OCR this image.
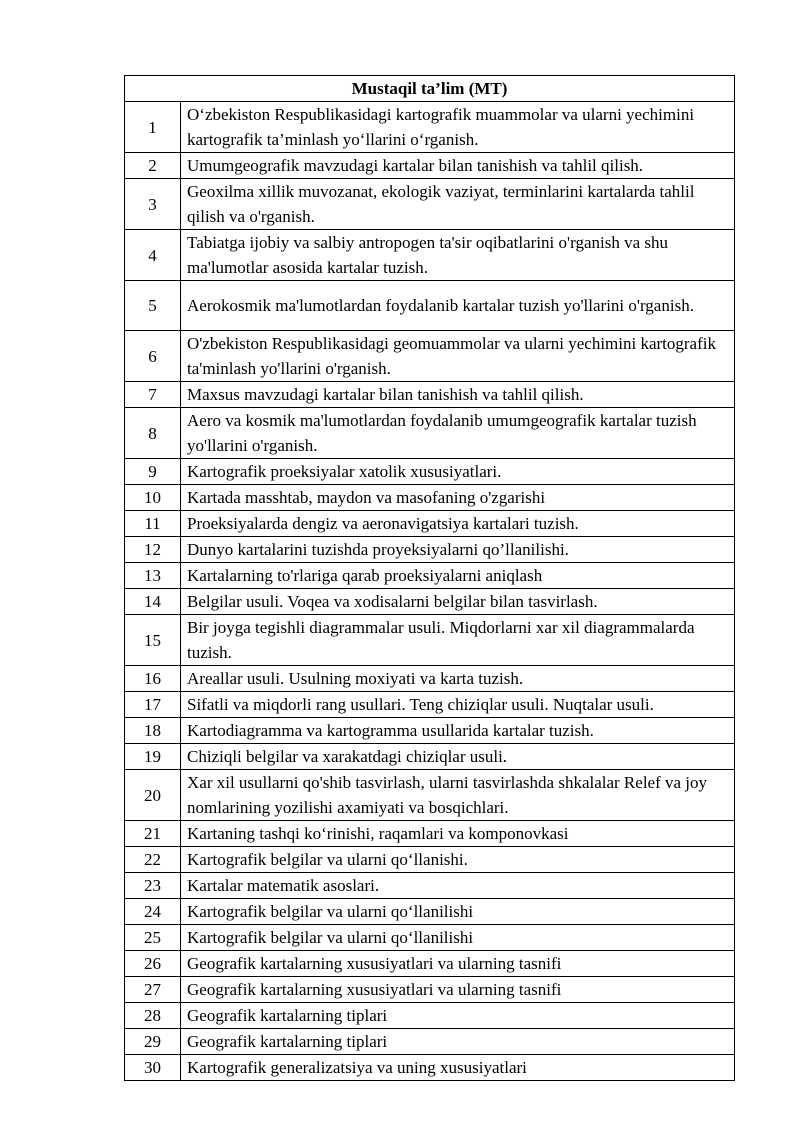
Mustaqil ta’lim (MT)	
1	O‘zbekiston Respublikasidagi kartografik muammolar va ularni yechimini kartografik ta’minlash yo‘llarini o‘rganish.
2	Umumgeografik mavzudagi kartalar bilan tanishish va tahlil qilish.
3	Geoxilma xillik muvozanat, ekologik vaziyat, terminlarini kartalarda tahlil qilish va o'rganish.
4	Tabiatga ijobiy va salbiy antropogen ta'sir oqibatlarini o'rganish va shu ma'lumotlar asosida kartalar tuzish.
5	Aerokosmik ma'lumotlardan foydalanib kartalar tuzish yo'llarini o'rganish.
6	O'zbekiston Respublikasidagi geomuammolar va ularni yechimini kartografik ta'minlash yo'llarini o'rganish.
7	Maxsus mavzudagi kartalar bilan tanishish va tahlil qilish.
8	Aero va kosmik ma'lumotlardan foydalanib umumgeografik kartalar tuzish yo'llarini o'rganish.
9	Kartografik proeksiyalar xatolik xususiyatlari.
10	Kartada masshtab, maydon va masofaning o'zgarishi
11	Proeksiyalarda dengiz va aeronavigatsiya kartalari tuzish.
12	Dunyo kartalarini tuzishda proyeksiyalarni qo’llanilishi.
13	Kartalarning to'rlariga qarab proeksiyalarni aniqlash
14	Belgilar usuli. Voqea va xodisalarni belgilar bilan tasvirlash.
15	Bir joyga tegishli diagrammalar usuli. Miqdorlarni xar xil diagrammalarda tuzish.
16	Areallar usuli. Usulning moxiyati va karta tuzish.
17	Sifatli va miqdorli rang usullari. Teng chiziqlar usuli. Nuqtalar usuli.
18	Kartodiagramma va kartogramma usullarida kartalar tuzish.
19	Chiziqli belgilar va xarakatdagi chiziqlar usuli.
20	Xar xil usullarni qo'shib tasvirlash, ularni tasvirlashda shkalalar Relef va joy nomlarining yozilishi axamiyati va bosqichlari.
21	Kartaning tashqi ko‘rinishi, raqamlari va komponovkasi
22	Kartografik belgilar va ularni qo‘llanishi.
23	Kartalar matematik asoslari.
24	Kartografik belgilar va ularni qo‘llanilishi
25	Kartografik belgilar va ularni qo‘llanilishi
26	Geografik kartalarning xususiyatlari va ularning tasnifi
27	Geografik kartalarning xususiyatlari va ularning tasnifi
28	Geografik kartalarning tiplari
29	Geografik kartalarning tiplari
30	Kartografik generalizatsiya va uning xususiyatlari
